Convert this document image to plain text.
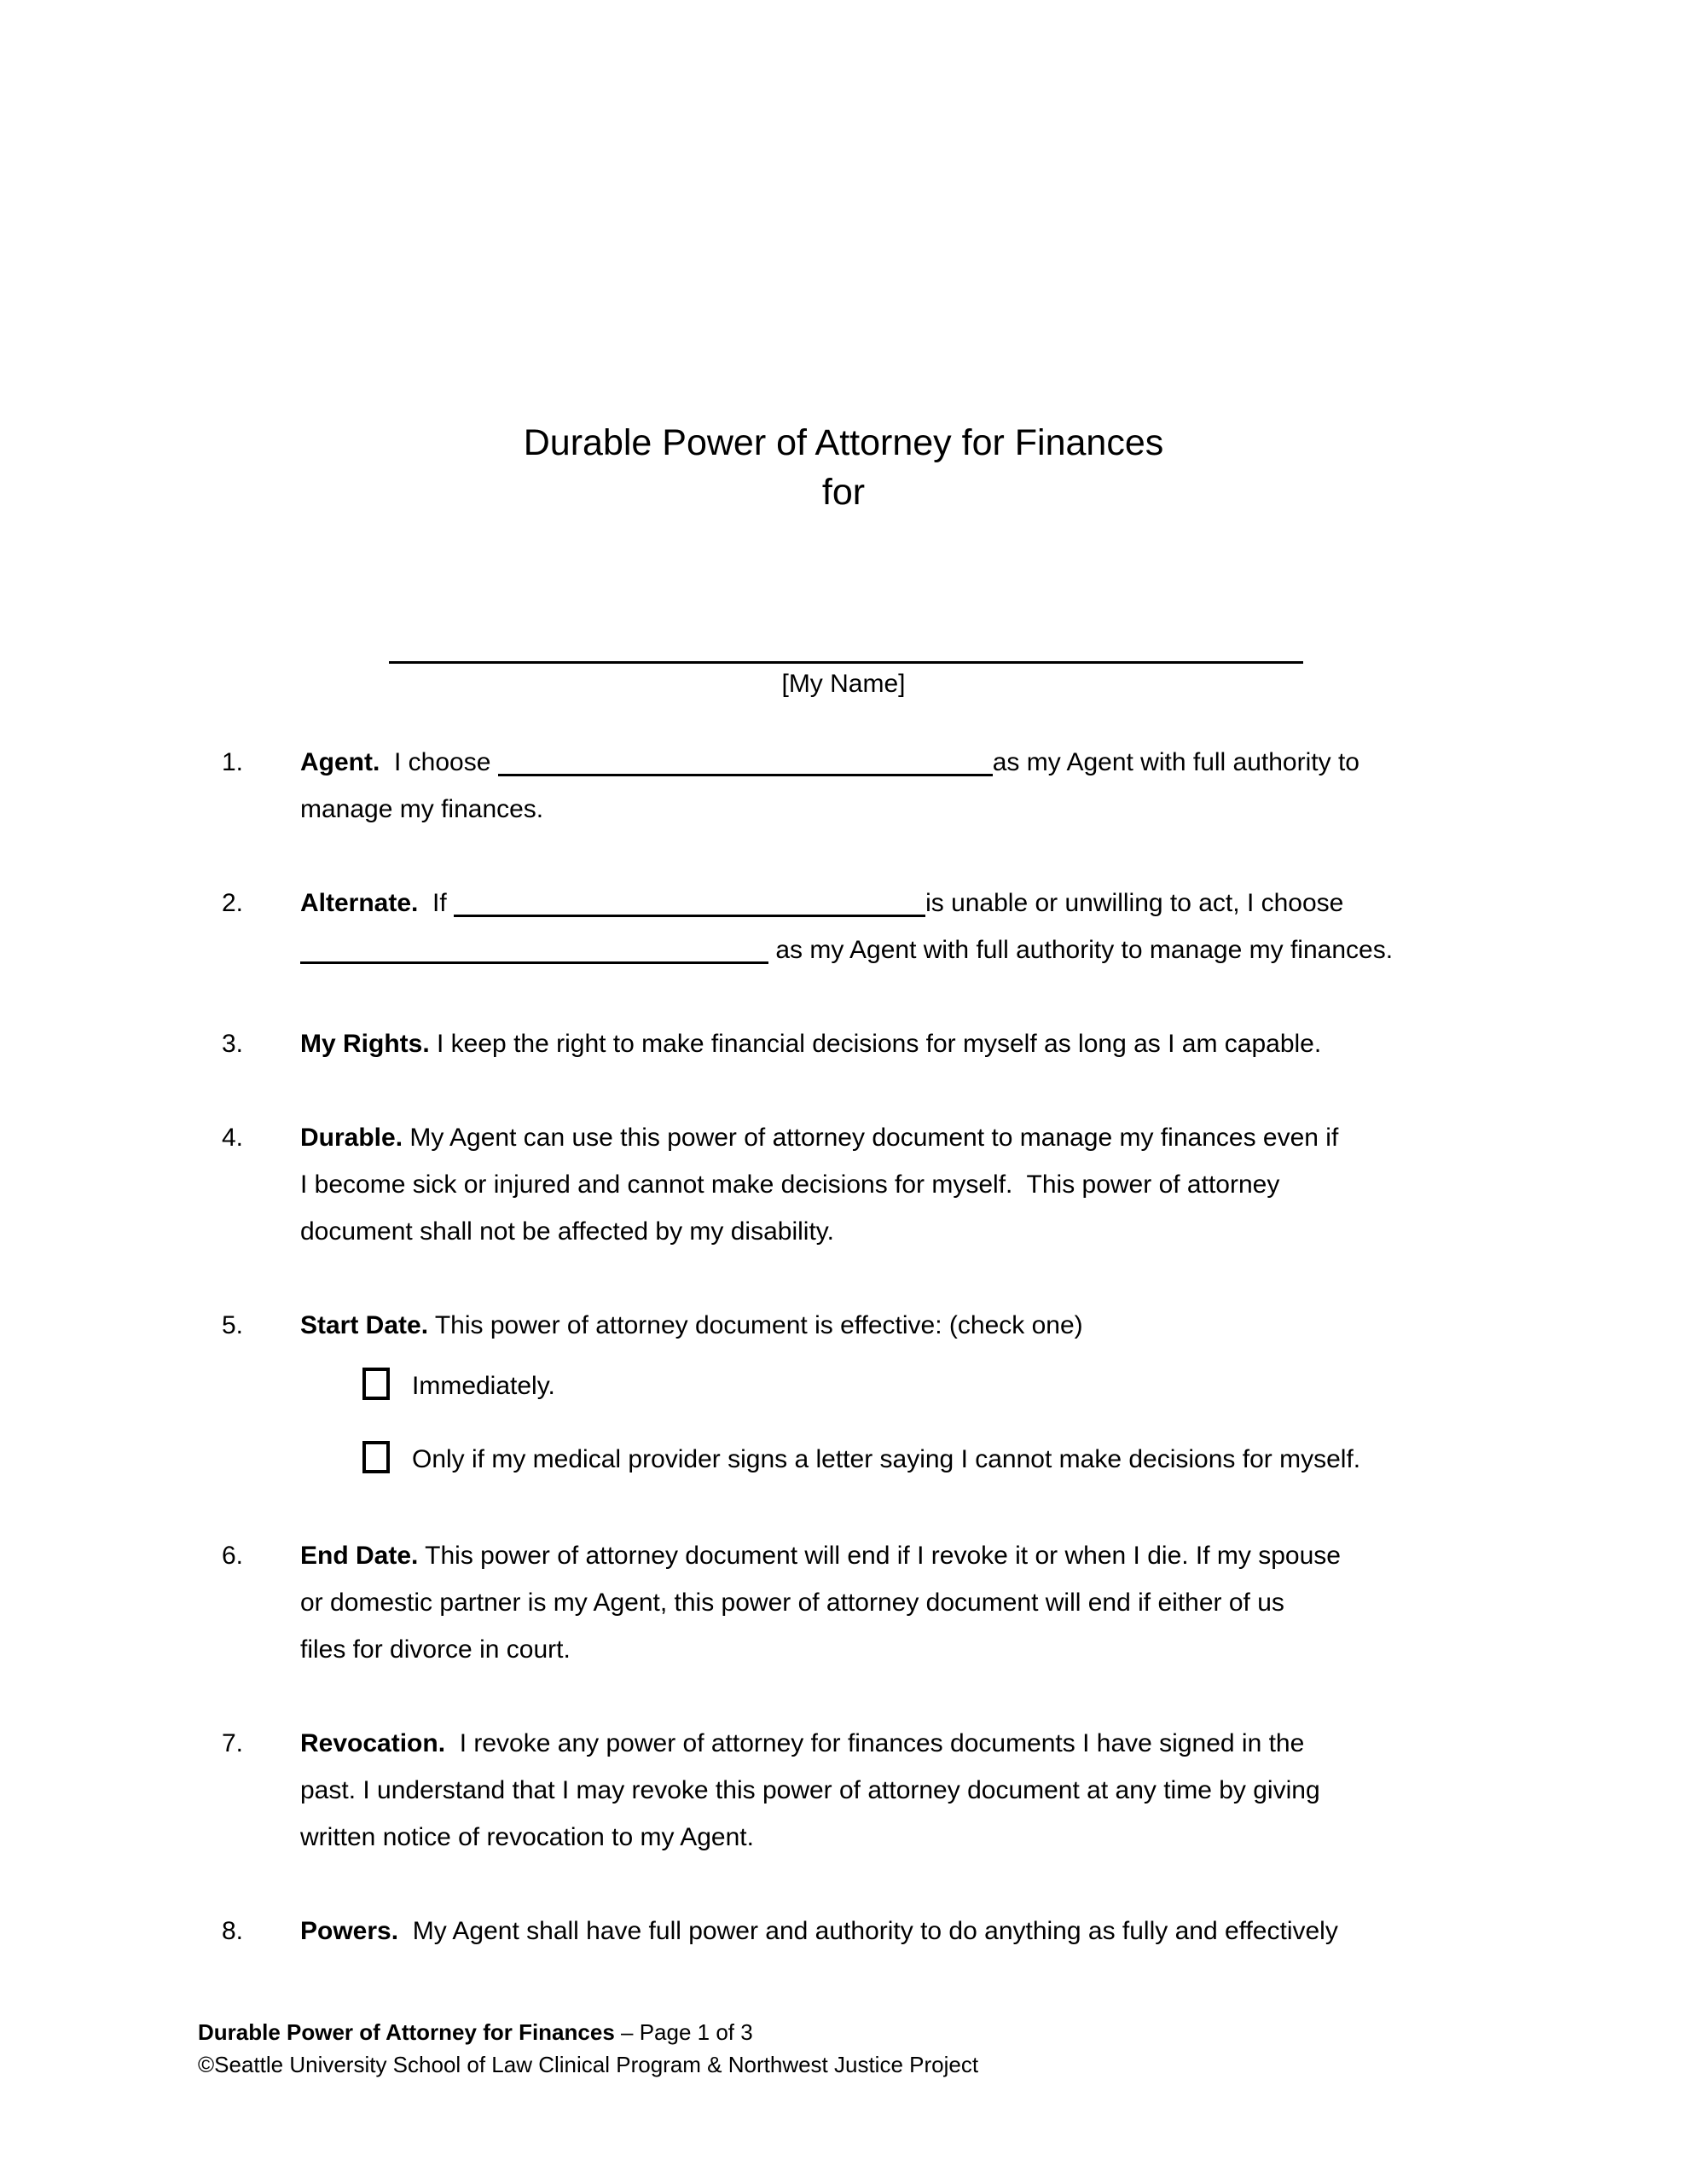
Durable Power of Attorney for Finances
for
[My Name]
1.	Agent.  I choose	as my Agent with full authority to
manage my finances.
2.	Alternate.  If	is unable or unwilling to act, I choose
as my Agent with full authority to manage my finances.
3.	My Rights. I keep the right to make financial decisions for myself as long as I am capable.
4.	Durable. My Agent can use this power of attorney document to manage my finances even if
I become sick or injured and cannot make decisions for myself.  This power of attorney
document shall not be affected by my disability.
5.	Start Date. This power of attorney document is effective: (check one)
Immediately.
Only if my medical provider signs a letter saying I cannot make decisions for myself.
6.	End Date. This power of attorney document will end if I revoke it or when I die. If my spouse
or domestic partner is my Agent, this power of attorney document will end if either of us
files for divorce in court.
7.	Revocation.  I revoke any power of attorney for finances documents I have signed in the
past. I understand that I may revoke this power of attorney document at any time by giving
written notice of revocation to my Agent.
8.	Powers.  My Agent shall have full power and authority to do anything as fully and effectively
Durable Power of Attorney for Finances – Page 1 of 3
©Seattle University School of Law Clinical Program & Northwest Justice Project
